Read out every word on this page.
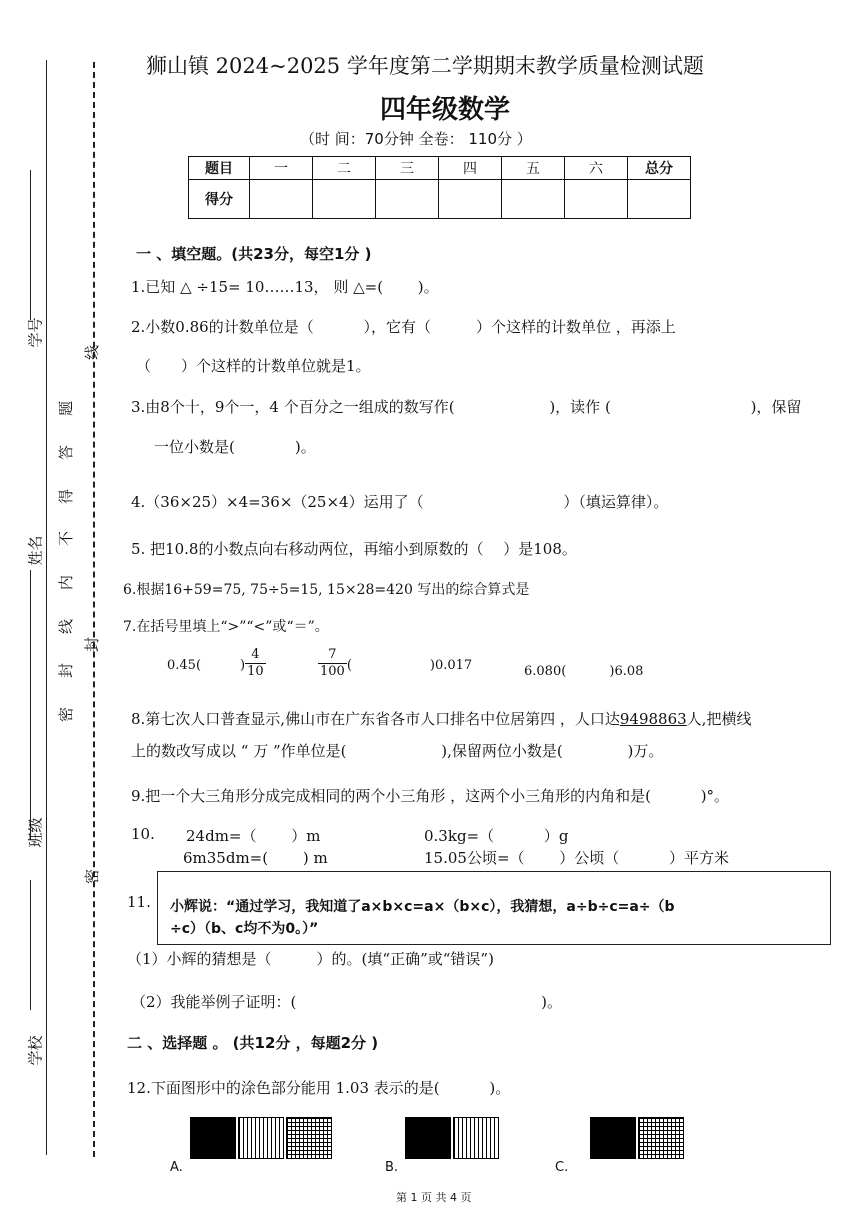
学号
姓名
班级
学校
题
答
得
不
内
线
封
密
线
封
密
狮山镇 2024~2025 学年度第二学期期末教学质量检测试题
四年级数学
（时 间：70分钟 全卷： 110分 ）
题目	一	二	三	四	五	六	总分
得分							
一 、填空题。(共23分，每空1分 )
1.已知 △ ÷15= 10……13， 则 △=(　　 )。
2.小数0.86的计数单位是（　　　 ），它有（　　　）个这样的计数单位 ，再添上
（　　）个这样的计数单位就是1。
3.由8个十，9个一，4 个百分之一组成的数写作(　　　　　　 )，读作 (　　　　　　　　　 )，保留
一位小数是(　　　　)。
4.（36×25）×4=36×（25×4）运用了（　　　　　　　　　 ）（填运算律）。
5. 把10.8的小数点向右移动两位，再缩小到原数的（　 ）是108。
6.根据16+59=75, 75÷5=15, 15×28=420 写出的综合算式是
7.在括号里填上“>”“<”或“＝”。
0.45(　　　) $\frac{4}{10}$	$\frac{7}{100}$ (　　　　　　)0.017	6.080(　　　 )6.08
8.第七次人口普查显示,佛山市在广东省各市人口排名中位居第四 ，人口达9498863人,把横线
上的数改写成以 “ 万 ”作单位是(　　　　　　 ),保留两位小数是(　　　　 )万。
9.把一个大三角形分成完成相同的两个小三角形 ，这两个小三角形的内角和是(　　　 )°。
10. 24dm=（　　 ）m	0.3kg=（　　　 ）g
6m35dm=(　　 ) m	15.05公顷=（　　 ）公顷（　　　 ）平方米
11. 小辉说：“通过学习，我知道了a×b×c=a×（b×c），我猜想，a÷b÷c=a÷（b
÷c）（b、c均不为0。）”
（1）小辉的猜想是（　　　）的。(填“正确”或“错误”)
（2）我能举例子证明：(　　　　　　　　　　　　　　　　 )。
二 、选择题 。 (共12分 ，每题2分 )
12.下面图形中的涂色部分能用 1.03 表示的是(　　　 )。
A.	B.	C.
第 1 页 共 4 页
